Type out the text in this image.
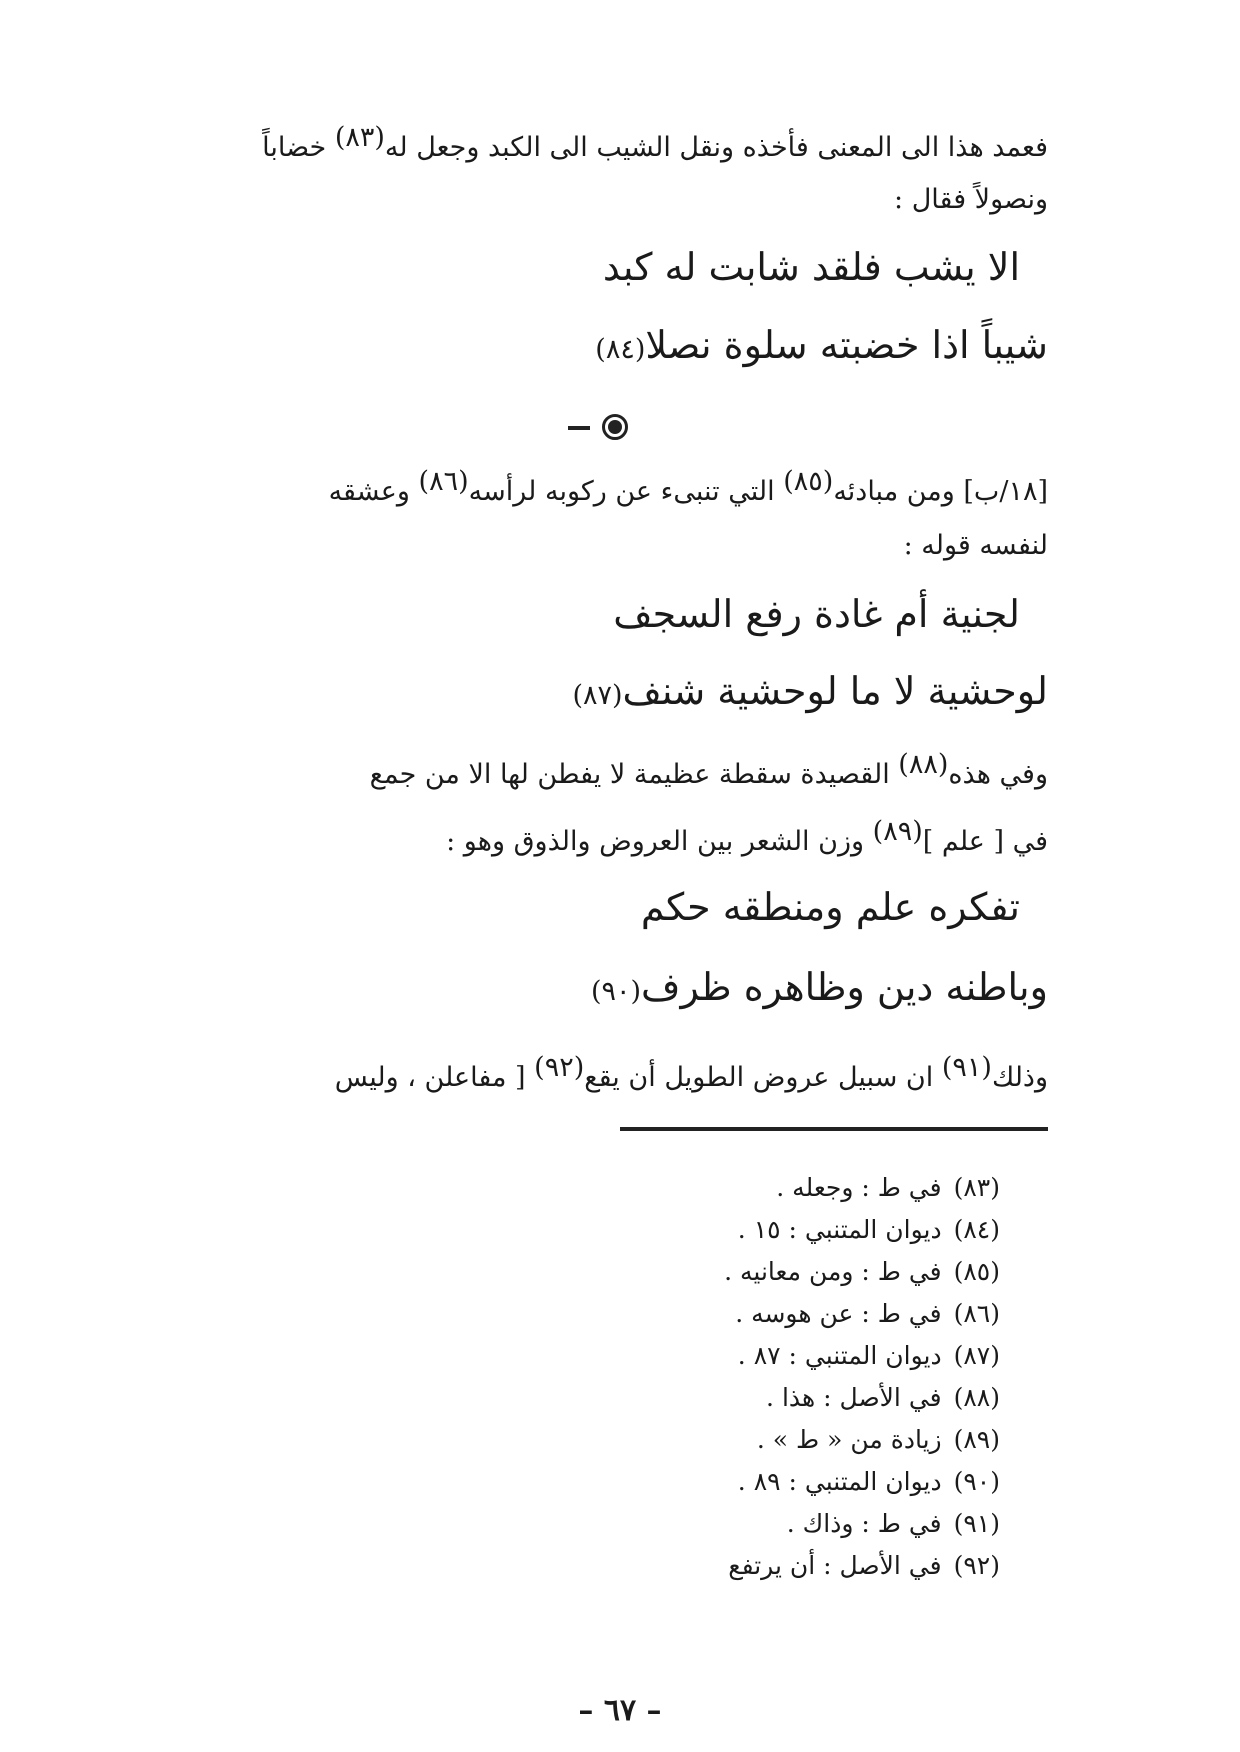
فعمد هذا الى المعنى فأخذه ونقل الشيب الى الكبد وجعل له$^{(٨٣)}$ خضاباً
ونصولاً فقال :
الا يشب فلقد شابت له كبد
شيباً اذا خضبته سلوة نصلا(٨٤)
[١٨/ب] ومن مبادئه$^{(٨٥)}$ التي تنبىء عن ركوبه لرأسه$^{(٨٦)}$ وعشقه
لنفسه قوله :
لجنية أم غادة رفع السجف
لوحشية لا ما لوحشية شنف(٨٧)
وفي هذه$^{(٨٨)}$ القصيدة سقطة عظيمة لا يفطن لها الا من جمع
في [ علم ]$^{(٨٩)}$ وزن الشعر بين العروض والذوق وهو :
تفكره علم ومنطقه حكم
وباطنه دين وظاهره ظرف(٩٠)
وذلك$^{(٩١)}$ ان سبيل عروض الطويل أن يقع$^{(٩٢)}$ [ مفاعلن ، وليس
(٨٣)في ط : وجعله .
(٨٤)ديوان المتنبي : ١٥ .
(٨٥)في ط : ومن معانيه .
(٨٦)في ط : عن هوسه .
(٨٧)ديوان المتنبي : ٨٧ .
(٨٨)في الأصل : هذا .
(٨٩)زيادة من « ط » .
(٩٠)ديوان المتنبي : ٨٩ .
(٩١)في ط : وذاك .
(٩٢)في الأصل : أن يرتفع
– ٦٧ –
